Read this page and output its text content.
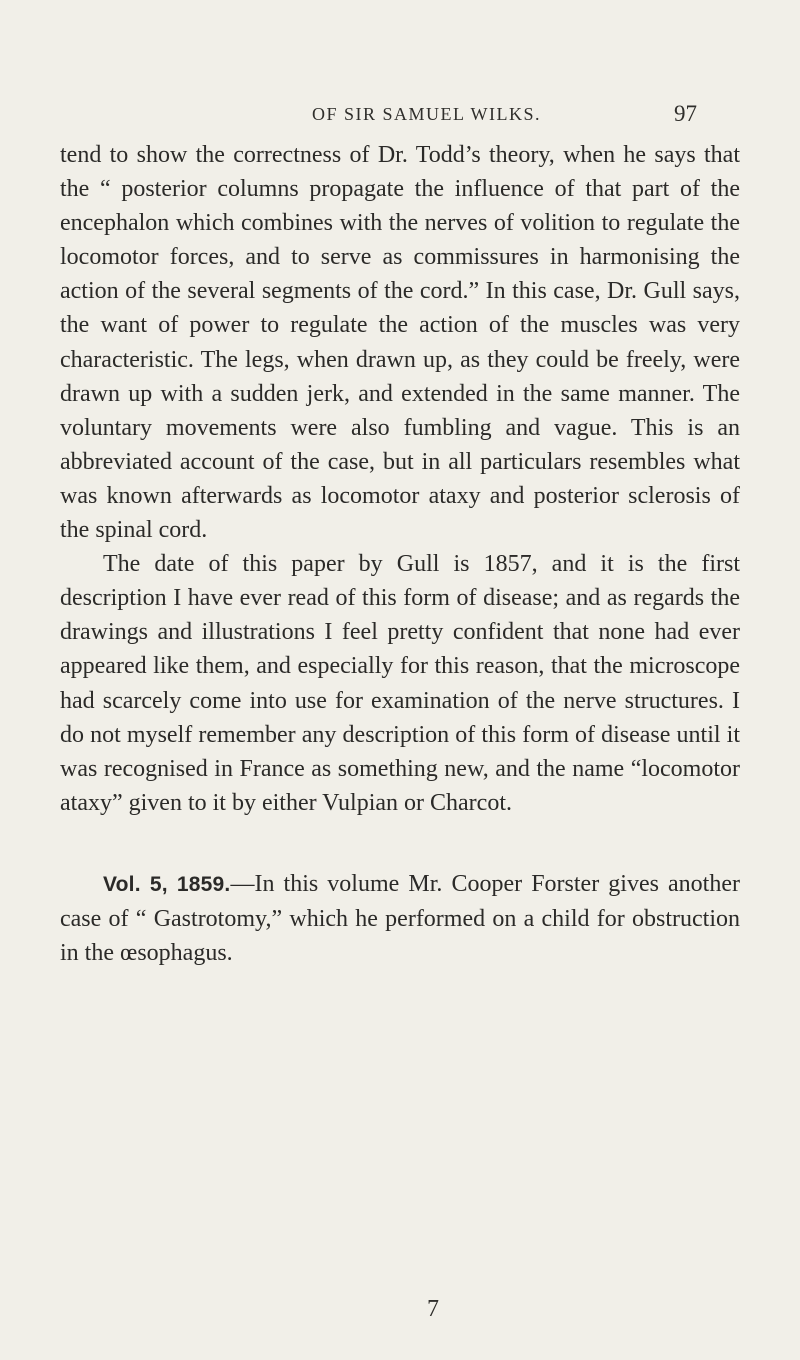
OF SIR SAMUEL WILKS.	97

tend to show the correctness of Dr. Todd’s theory, when he says that the “ posterior columns propagate the influence of that part of the encephalon which combines with the nerves of volition to regulate the locomotor forces, and to serve as commissures in harmonising the action of the several segments of the cord.” In this case, Dr. Gull says, the want of power to regulate the action of the muscles was very characteristic. The legs, when drawn up, as they could be freely, were drawn up with a sudden jerk, and extended in the same manner. The voluntary movements were also fumbling and vague. This is an abbreviated account of the case, but in all particulars resembles what was known afterwards as locomotor ataxy and posterior sclerosis of the spinal cord.

The date of this paper by Gull is 1857, and it is the first description I have ever read of this form of disease; and as regards the drawings and illustrations I feel pretty confident that none had ever appeared like them, and especially for this reason, that the microscope had scarcely come into use for examination of the nerve structures. I do not myself remember any description of this form of disease until it was recognised in France as something new, and the name “locomotor ataxy” given to it by either Vulpian or Charcot.

Vol. 5, 1859.—In this volume Mr. Cooper Forster gives another case of “ Gastrotomy,” which he performed on a child for obstruction in the œsophagus.

7
